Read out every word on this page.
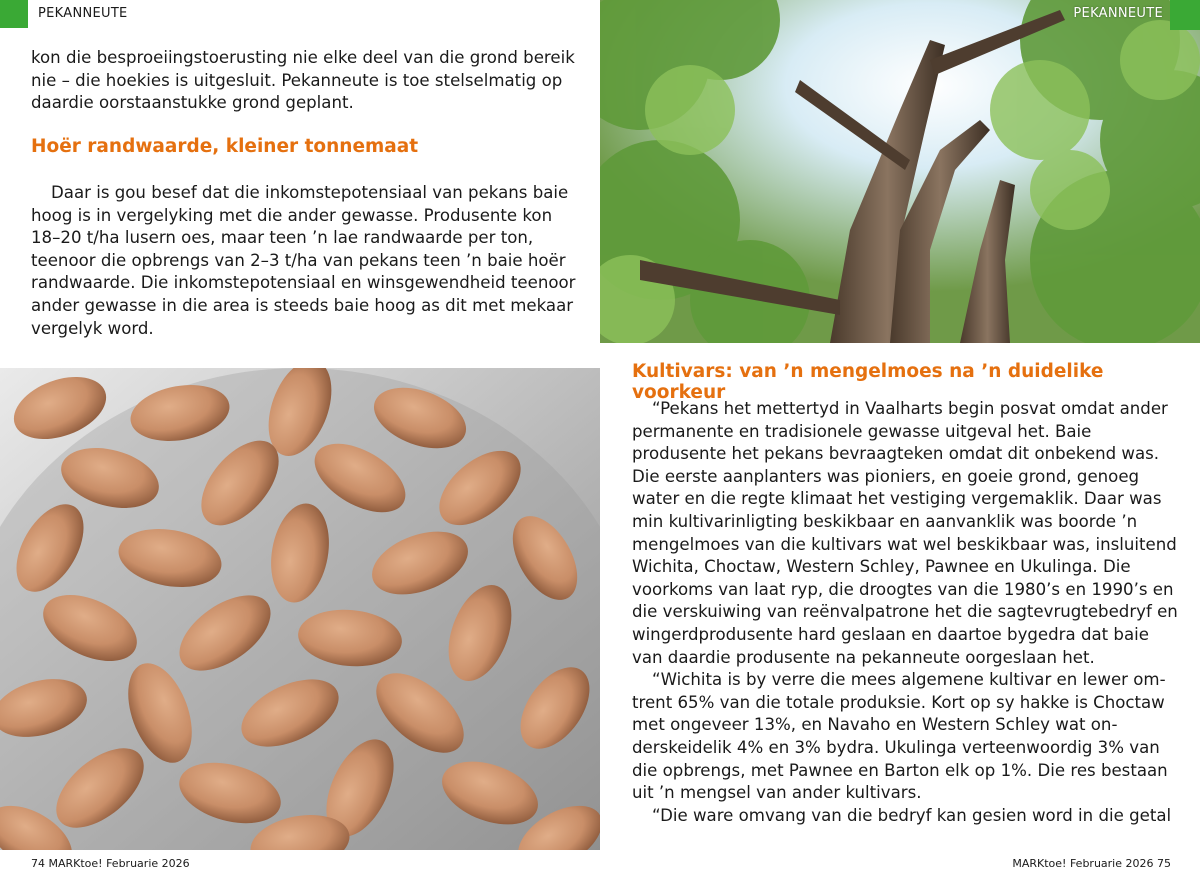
PEKANNEUTE

kon die besproeiingstoerusting nie elke deel van die grond bereik nie – die hoekies is uitgesluit. Pekanneute is toe stelselmatig op daardie oorstaanstukke grond geplant.

Hoër randwaarde, kleiner tonnemaat

Daar is gou besef dat die inkomstepotensiaal van pekans baie hoog is in vergelyking met die ander gewasse. Produsente kon 18–20 t/ha lusern oes, maar teen ’n lae randwaarde per ton, teenoor die opbrengs van 2–3 t/ha van pekans teen ’n baie hoër randwaarde. Die inkomstepotensiaal en winsgewendheid teenoor ander gewasse in die area is steeds baie hoog as dit met mekaar vergelyk word.

74 MARKtoe! Februarie 2026
PEKANNEUTE
Kultivars: van ’n mengelmoes na ’n duidelike voorkeur

“Pekans het mettertyd in Vaalharts begin posvat omdat ander permanente en tradisionele gewasse uitgeval het. Baie produsente het pekans bevraagteken omdat dit onbekend was. Die eerste aanplanters was pioniers, en goeie grond, genoeg water en die regte klimaat het vestiging vergemaklik. Daar was min kultivarinligting beskikbaar en aanvanklik was boorde ’n mengelmoes van die kultivars wat wel beskikbaar was, insluitend Wichita, Choctaw, Western Schley, Pawnee en Ukulinga. Die voorkoms van laat ryp, die droogtes van die 1980’s en 1990’s en die verskuiwing van reënvalpatrone het die sagtevrugtebedryf en wingerdprodusente hard geslaan en daartoe bygedra dat baie van daardie produsente na pekanneute oorgeslaan het.

“Wichita is by verre die mees algemene kultivar en lewer omtrent 65% van die totale produksie. Kort op sy hakke is Choctaw met ongeveer 13%, en Navaho en Western Schley wat onderskeidelik 4% en 3% bydra. Ukulinga verteenwoordig 3% van die opbrengs, met Pawnee en Barton elk op 1%. Die res bestaan uit ’n mengsel van ander kultivars.

“Die ware omvang van die bedryf kan gesien word in die getal

MARKtoe! Februarie 2026 75
